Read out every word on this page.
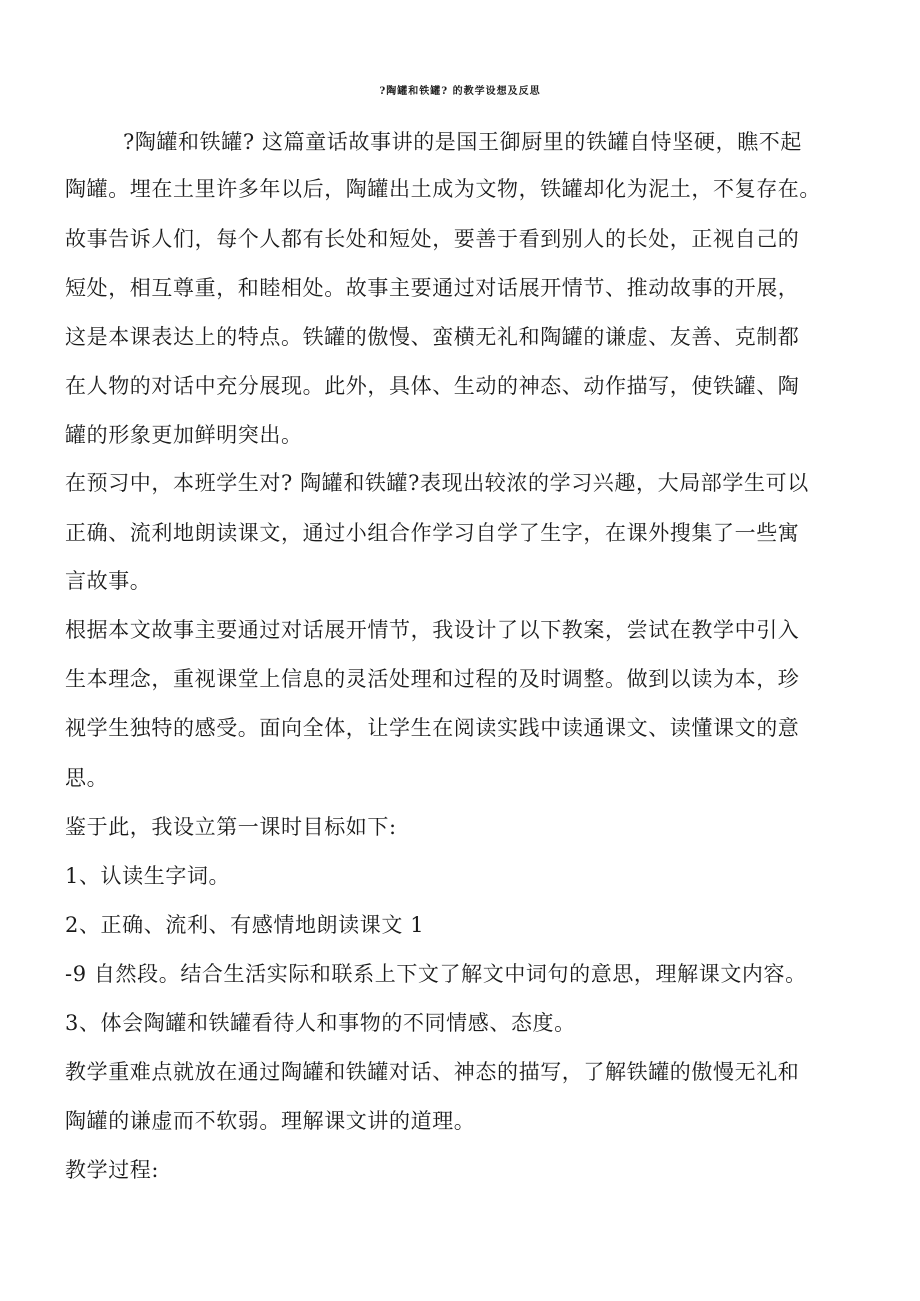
?陶罐和铁罐? 的教学设想及反思
?陶罐和铁罐? 这篇童话故事讲的是国王御厨里的铁罐自恃坚硬，瞧不起
陶罐。埋在土里许多年以后，陶罐出土成为文物，铁罐却化为泥土，不复存在。
故事告诉人们，每个人都有长处和短处，要善于看到别人的长处，正视自己的
短处，相互尊重，和睦相处。故事主要通过对话展开情节、推动故事的开展，
这是本课表达上的特点。铁罐的傲慢、蛮横无礼和陶罐的谦虚、友善、克制都
在人物的对话中充分展现。此外，具体、生动的神态、动作描写，使铁罐、陶
罐的形象更加鲜明突出。
在预习中，本班学生对? 陶罐和铁罐?表现出较浓的学习兴趣，大局部学生可以
正确、流利地朗读课文，通过小组合作学习自学了生字，在课外搜集了一些寓
言故事。
根据本文故事主要通过对话展开情节，我设计了以下教案，尝试在教学中引入
生本理念，重视课堂上信息的灵活处理和过程的及时调整。做到以读为本，珍
视学生独特的感受。面向全体，让学生在阅读实践中读通课文、读懂课文的意
思。
鉴于此，我设立第一课时目标如下:
1、认读生字词。
2、正确、流利、有感情地朗读课文 1
-9 自然段。结合生活实际和联系上下文了解文中词句的意思，理解课文内容。
3、体会陶罐和铁罐看待人和事物的不同情感、态度。
教学重难点就放在通过陶罐和铁罐对话、神态的描写，了解铁罐的傲慢无礼和
陶罐的谦虚而不软弱。理解课文讲的道理。
教学过程:
